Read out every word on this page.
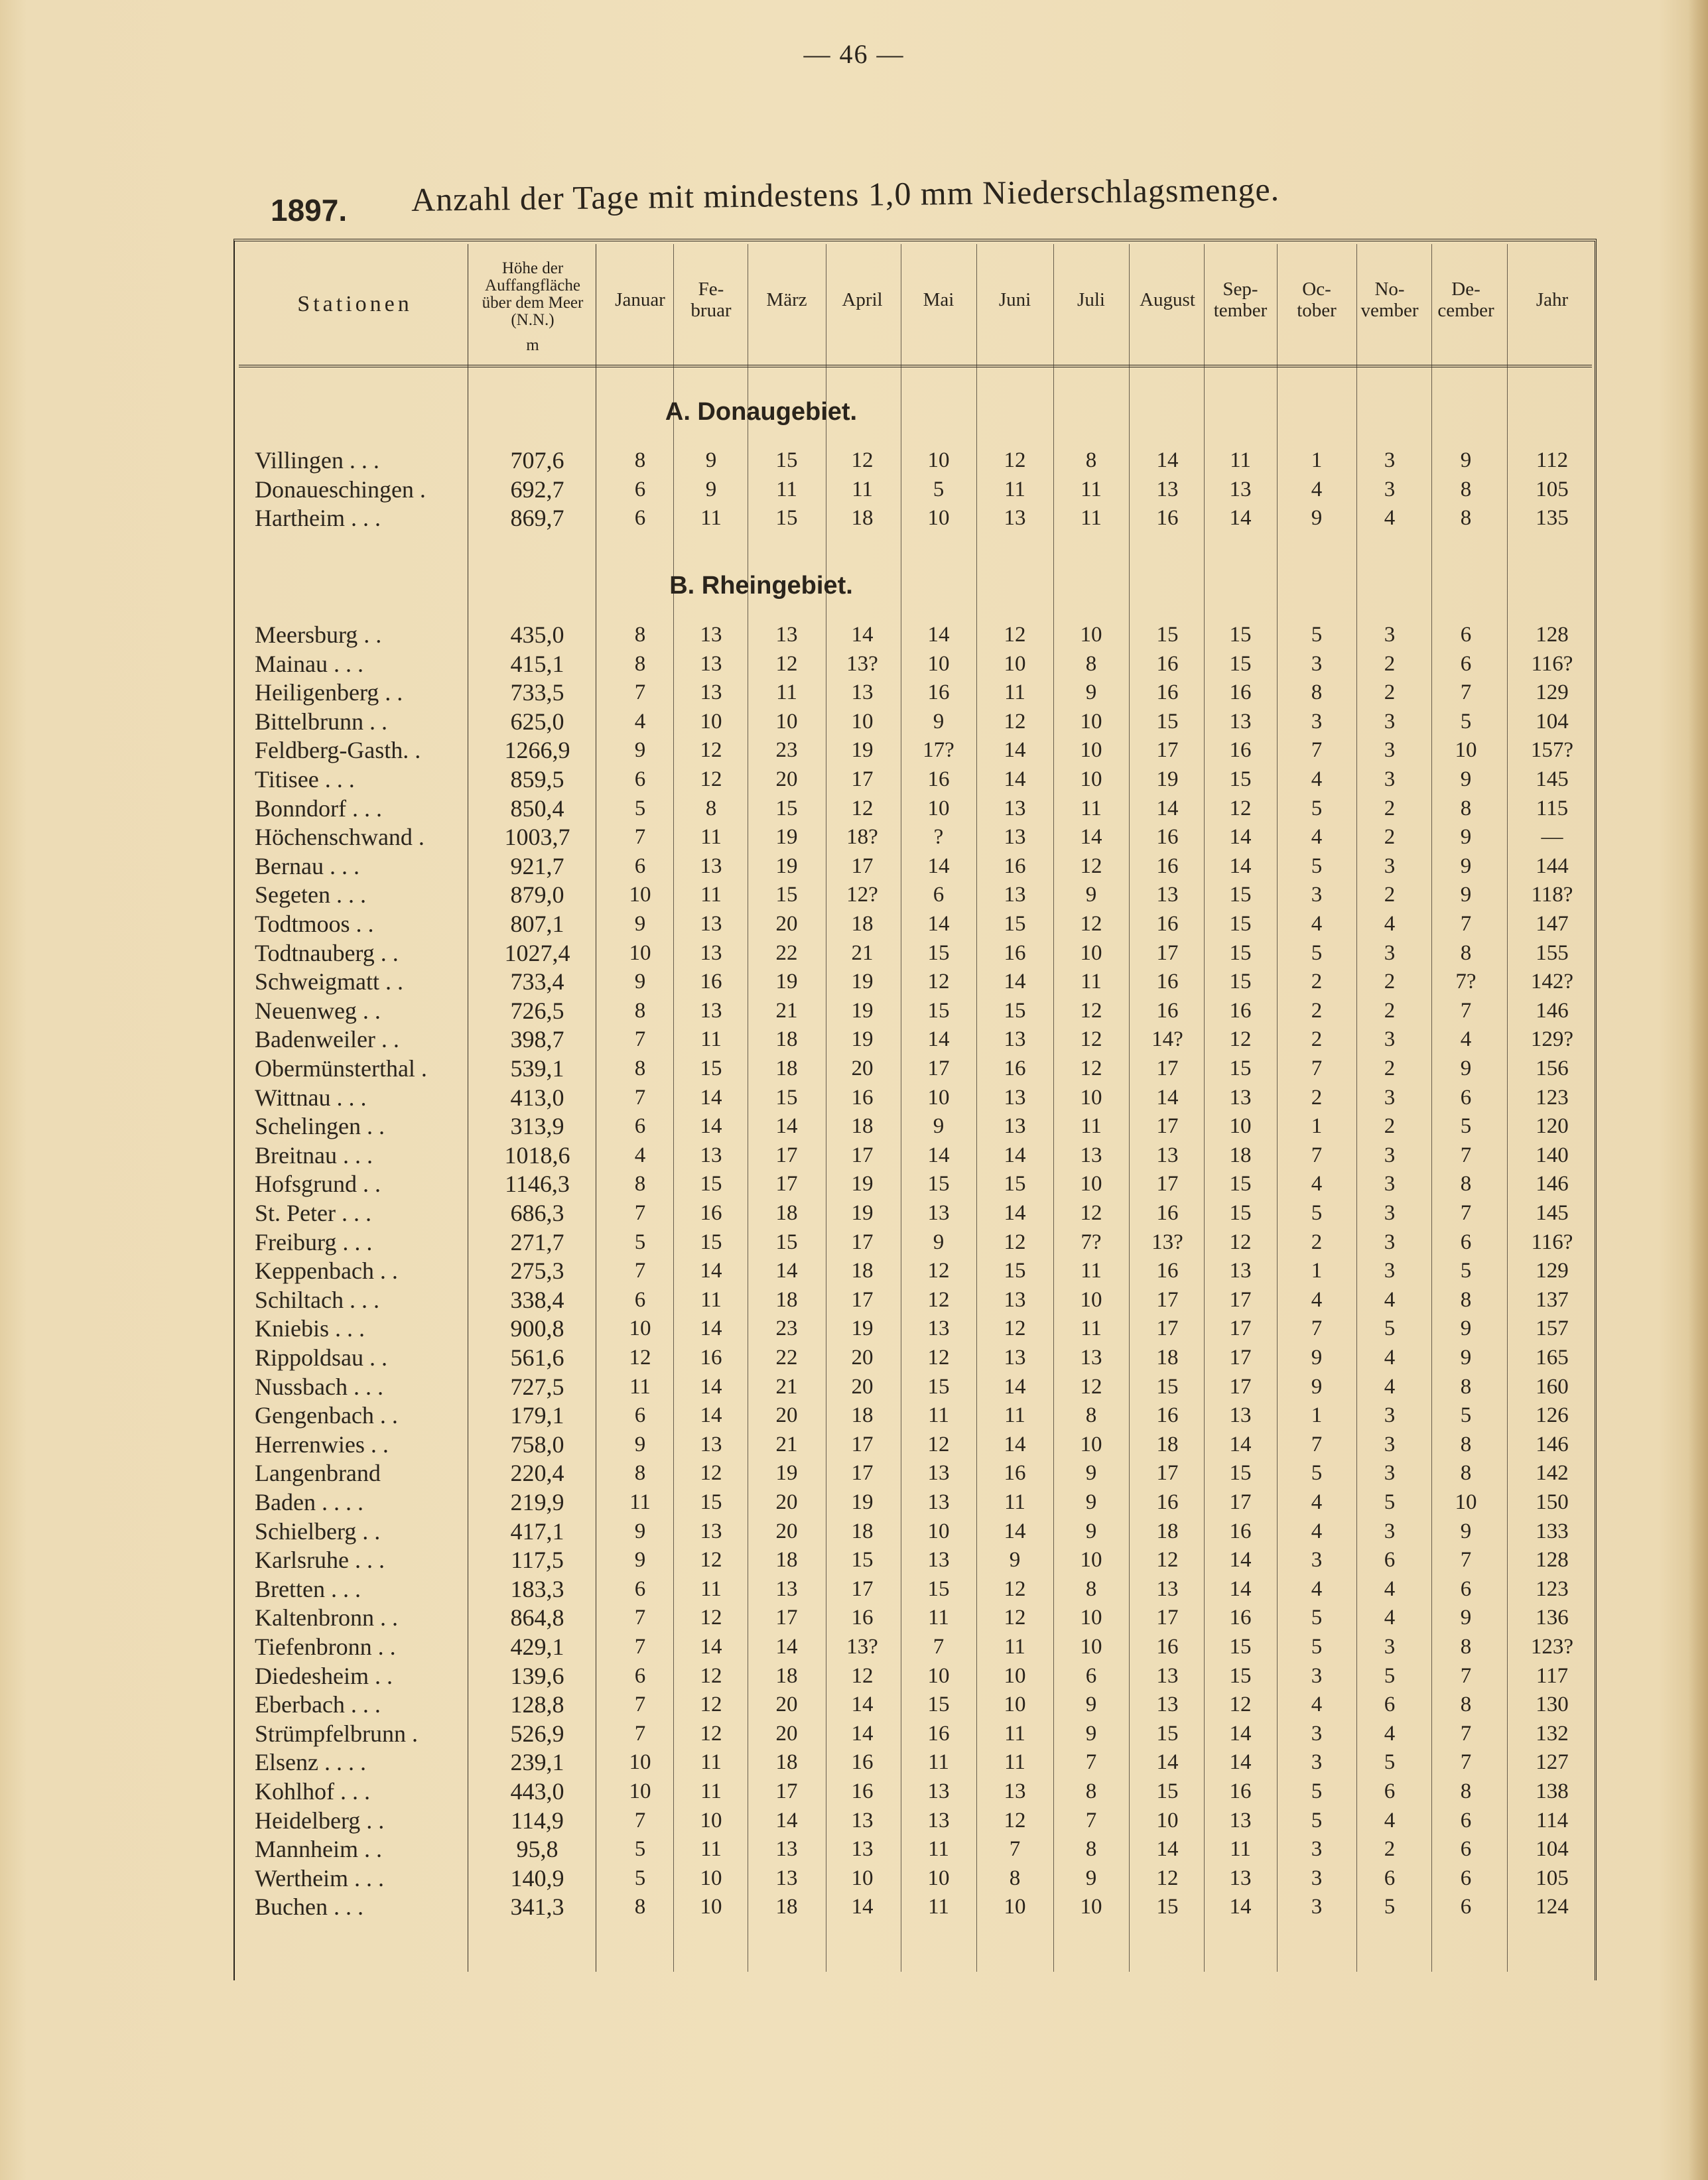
— 46 —
1897. Anzahl der Tage mit mindestens 1,0 mm Niederschlagsmenge.
Stationen
Höhe der Auffangfläche über dem Meer (N.N.)
m
Januar	Fe-
bruar	März	April	Mai	Juni	Juli	August	Sep-
tember
Oc-
tober
No-
vember
De-
cember	Jahr
A. Donaugebiet.
Villingen . . .	707,6	8	9	15	12	10	12	8	14	11	1	3	9	112
Donaueschingen .	692,7	6	9	11	11	5	11	11	13	13	4	3	8	105
Hartheim . . .	869,7	6	11	15	18	10	13	11	16	14	9	4	8	135
B. Rheingebiet.
Meersburg . .	435,0	8	13	13	14	14	12	10	15	15	5	3	6	128
Mainau . . .	415,1	8	13	12	13?	10	10	8	16	15	3	2	6	116?
Heiligenberg . .	733,5	7	13	11	13	16	11	9	16	16	8	2	7	129
Bittelbrunn . .	625,0	4	10	10	10	9	12	10	15	13	3	3	5	104
Feldberg-Gasth. .	1266,9	9	12	23	19	17?	14	10	17	16	7	3	10	157?
Titisee . . .	859,5	6	12	20	17	16	14	10	19	15	4	3	9	145
Bonndorf . . .	850,4	5	8	15	12	10	13	11	14	12	5	2	8	115
Höchenschwand .	1003,7	7	11	19	18?	?	13	14	16	14	4	2	9	—
Bernau . . .	921,7	6	13	19	17	14	16	12	16	14	5	3	9	144
Segeten . . .	879,0	10	11	15	12?	6	13	9	13	15	3	2	9	118?
Todtmoos . .	807,1	9	13	20	18	14	15	12	16	15	4	4	7	147
Todtnauberg . .	1027,4	10	13	22	21	15	16	10	17	15	5	3	8	155
Schweigmatt . .	733,4	9	16	19	19	12	14	11	16	15	2	2	7?	142?
Neuenweg . .	726,5	8	13	21	19	15	15	12	16	16	2	2	7	146
Badenweiler . .	398,7	7	11	18	19	14	13	12	14?	12	2	3	4	129?
Obermünsterthal .	539,1	8	15	18	20	17	16	12	17	15	7	2	9	156
Wittnau . . .	413,0	7	14	15	16	10	13	10	14	13	2	3	6	123
Schelingen . .	313,9	6	14	14	18	9	13	11	17	10	1	2	5	120
Breitnau . . .	1018,6	4	13	17	17	14	14	13	13	18	7	3	7	140
Hofsgrund . .	1146,3	8	15	17	19	15	15	10	17	15	4	3	8	146
St. Peter . . .	686,3	7	16	18	19	13	14	12	16	15	5	3	7	145
Freiburg . . .	271,7	5	15	15	17	9	12	7?	13?	12	2	3	6	116?
Keppenbach . .	275,3	7	14	14	18	12	15	11	16	13	1	3	5	129
Schiltach . . .	338,4	6	11	18	17	12	13	10	17	17	4	4	8	137
Kniebis . . .	900,8	10	14	23	19	13	12	11	17	17	7	5	9	157
Rippoldsau . .	561,6	12	16	22	20	12	13	13	18	17	9	4	9	165
Nussbach . . .	727,5	11	14	21	20	15	14	12	15	17	9	4	8	160
Gengenbach . .	179,1	6	14	20	18	11	11	8	16	13	1	3	5	126
Herrenwies . .	758,0	9	13	21	17	12	14	10	18	14	7	3	8	146
Langenbrand	220,4	8	12	19	17	13	16	9	17	15	5	3	8	142
Baden . . . .	219,9	11	15	20	19	13	11	9	16	17	4	5	10	150
Schielberg . .	417,1	9	13	20	18	10	14	9	18	16	4	3	9	133
Karlsruhe . . .	117,5	9	12	18	15	13	9	10	12	14	3	6	7	128
Bretten . . .	183,3	6	11	13	17	15	12	8	13	14	4	4	6	123
Kaltenbronn . .	864,8	7	12	17	16	11	12	10	17	16	5	4	9	136
Tiefenbronn . .	429,1	7	14	14	13?	7	11	10	16	15	5	3	8	123?
Diedesheim . .	139,6	6	12	18	12	10	10	6	13	15	3	5	7	117
Eberbach . . .	128,8	7	12	20	14	15	10	9	13	12	4	6	8	130
Strümpfelbrunn .	526,9	7	12	20	14	16	11	9	15	14	3	4	7	132
Elsenz . . . .	239,1	10	11	18	16	11	11	7	14	14	3	5	7	127
Kohlhof . . .	443,0	10	11	17	16	13	13	8	15	16	5	6	8	138
Heidelberg . .	114,9	7	10	14	13	13	12	7	10	13	5	4	6	114
Mannheim . .	95,8	5	11	13	13	11	7	8	14	11	3	2	6	104
Wertheim . . .	140,9	5	10	13	10	10	8	9	12	13	3	6	6	105
Buchen . . .	341,3	8	10	18	14	11	10	10	15	14	3	5	6	124
